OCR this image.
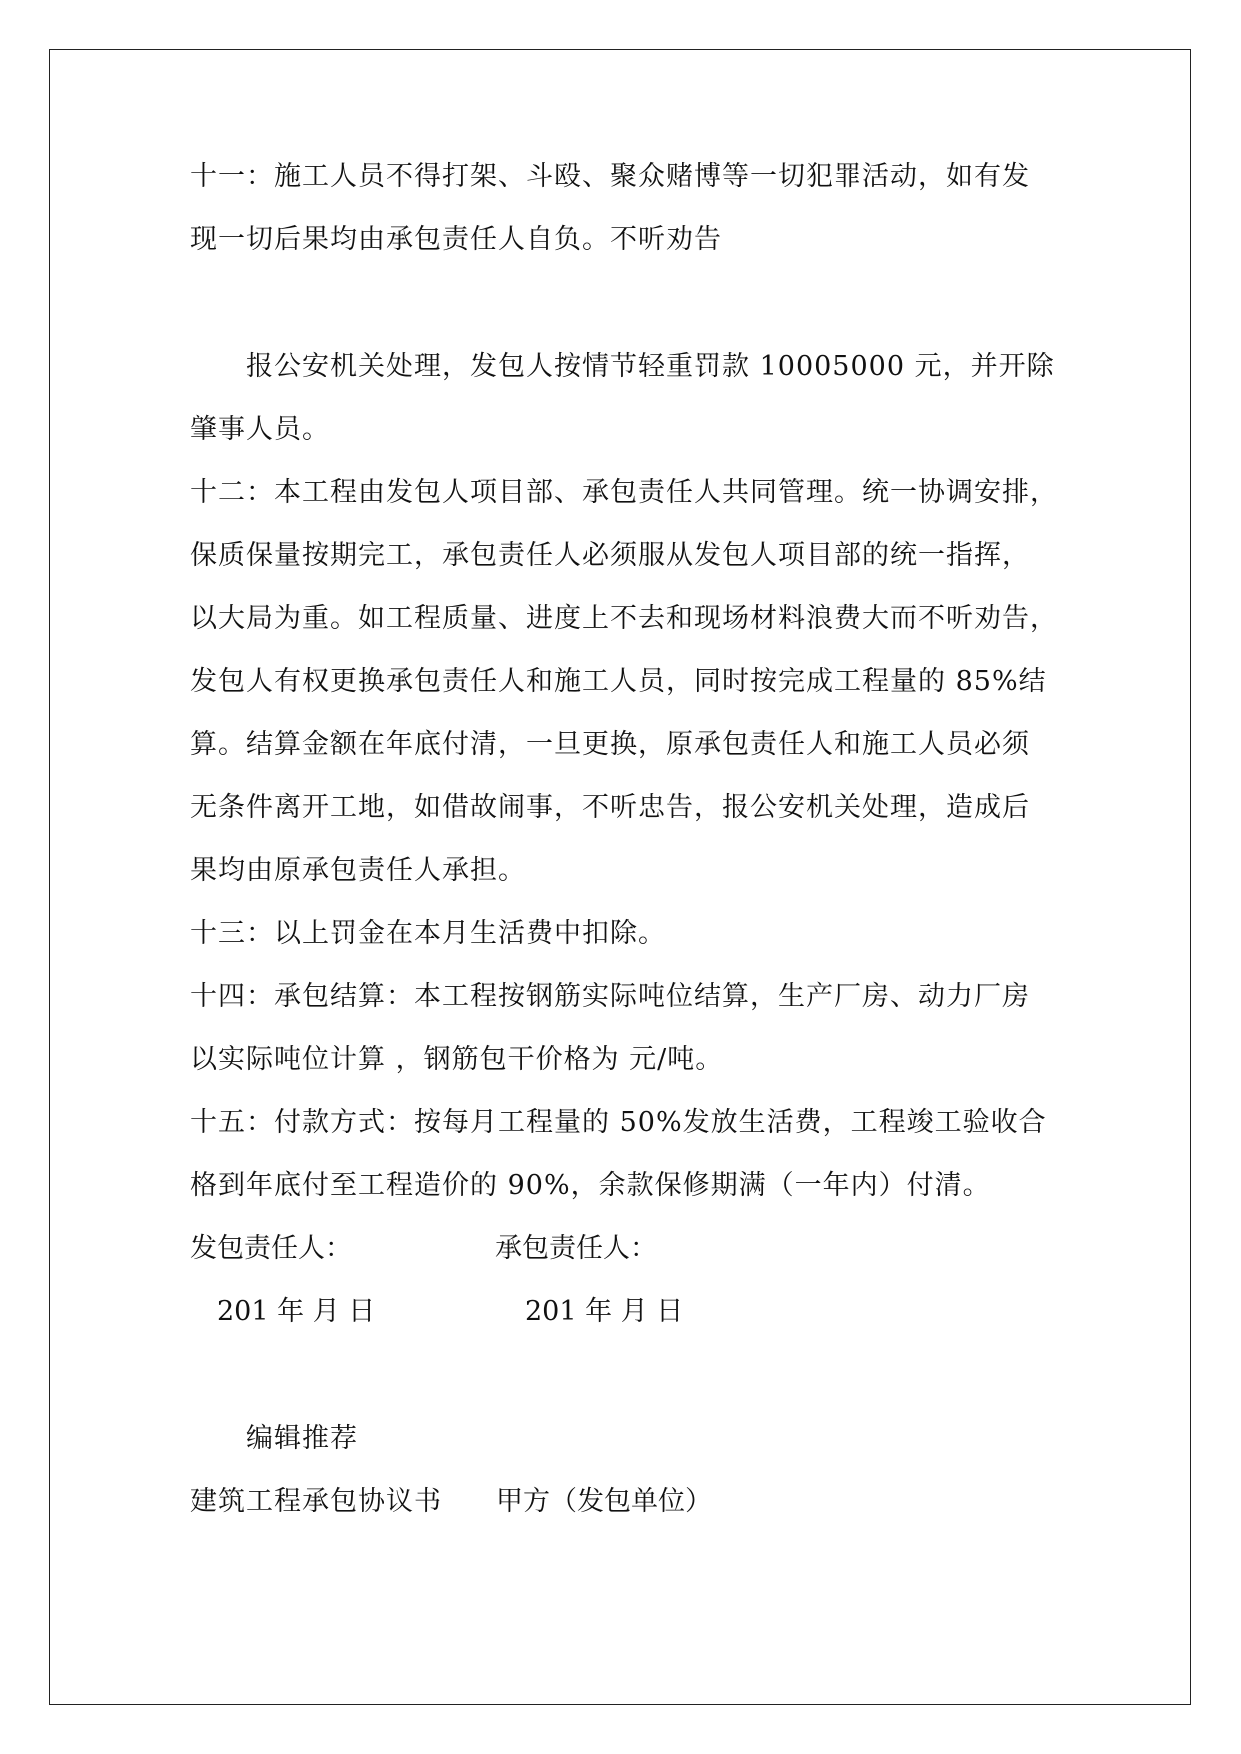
十一：施工人员不得打架、斗殴、聚众赌博等一切犯罪活动，如有发
现一切后果均由承包责任人自负。不听劝告
报公安机关处理，发包人按情节轻重罚款 10005000 元，并开除
肇事人员。
十二：本工程由发包人项目部、承包责任人共同管理。统一协调安排，
保质保量按期完工，承包责任人必须服从发包人项目部的统一指挥，
以大局为重。如工程质量、进度上不去和现场材料浪费大而不听劝告，
发包人有权更换承包责任人和施工人员，同时按完成工程量的 85%结
算。结算金额在年底付清，一旦更换，原承包责任人和施工人员必须
无条件离开工地，如借故闹事，不听忠告，报公安机关处理，造成后
果均由原承包责任人承担。
十三：以上罚金在本月生活费中扣除。
十四：承包结算：本工程按钢筋实际吨位结算，生产厂房、动力厂房
以实际吨位计算 ，钢筋包干价格为 元/吨。
十五：付款方式：按每月工程量的 50%发放生活费，工程竣工验收合
格到年底付至工程造价的 90%，余款保修期满（一年内）付清。
发包责任人：	承包责任人：
201 年 月 日	201 年 月 日
编辑推荐
建筑工程承包协议书 甲方（发包单位）
